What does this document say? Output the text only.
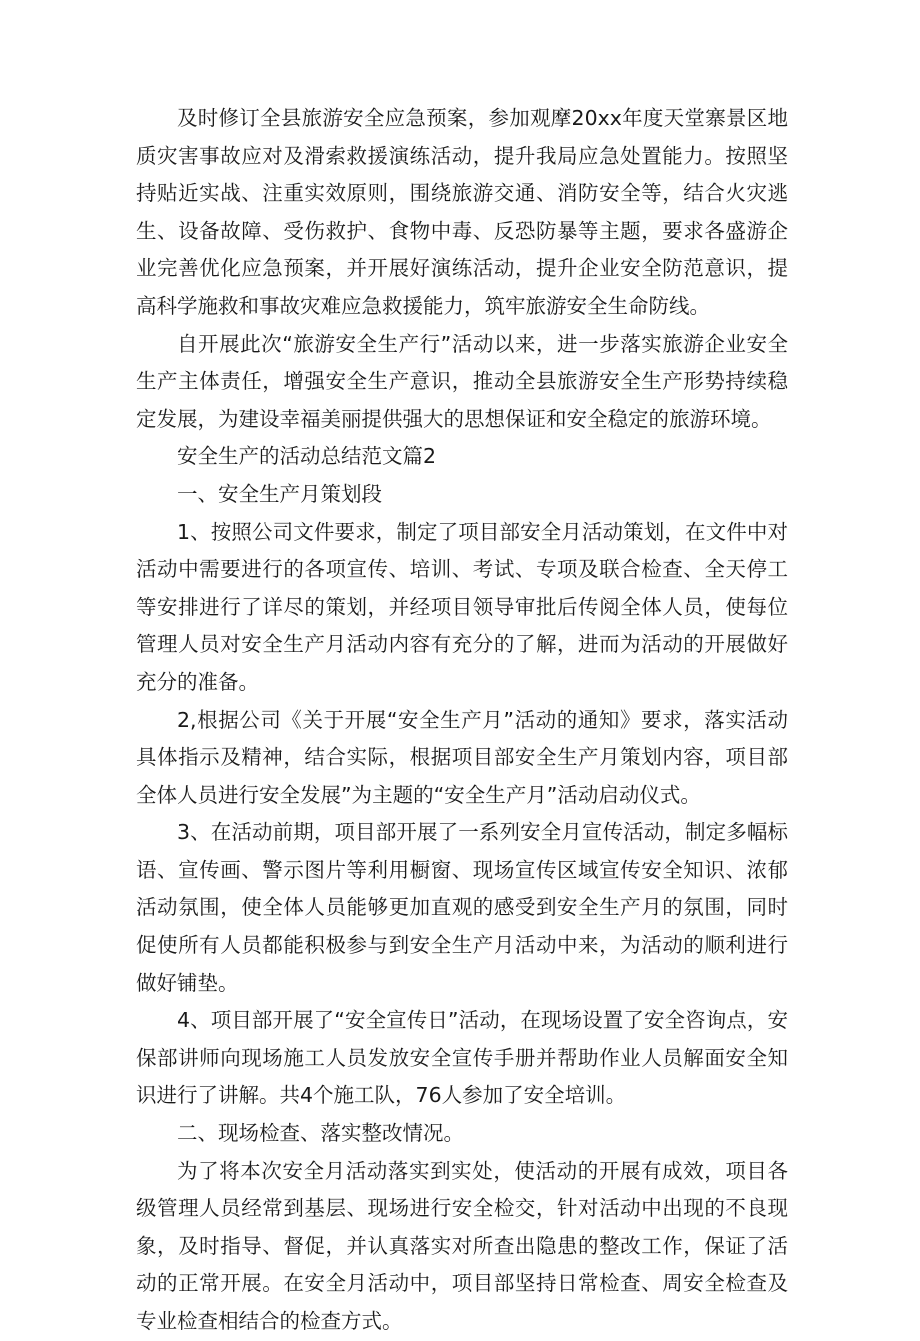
及时修订全县旅游安全应急预案，参加观摩20xx年度天堂寨景区地质灾害事故应对及滑索救援演练活动，提升我局应急处置能力。按照坚持贴近实战、注重实效原则，围绕旅游交通、消防安全等，结合火灾逃生、设备故障、受伤救护、食物中毒、反恐防暴等主题，要求各盛游企业完善优化应急预案，并开展好演练活动，提升企业安全防范意识，提高科学施救和事故灾难应急救援能力，筑牢旅游安全生命防线。

自开展此次“旅游安全生产行”活动以来，进一步落实旅游企业安全生产主体责任，增强安全生产意识，推动全县旅游安全生产形势持续稳定发展，为建设幸福美丽提供强大的思想保证和安全稳定的旅游环境。

安全生产的活动总结范文篇2

一、安全生产月策划段

1、按照公司文件要求，制定了项目部安全月活动策划，在文件中对活动中需要进行的各项宣传、培训、考试、专项及联合检查、全天停工等安排进行了详尽的策划，并经项目领导审批后传阅全体人员，使每位管理人员对安全生产月活动内容有充分的了解，进而为活动的开展做好充分的准备。

2,根据公司《关于开展“安全生产月”活动的通知》要求，落实活动具体指示及精神，结合实际，根据项目部安全生产月策划内容，项目部全体人员进行安全发展”为主题的“安全生产月”活动启动仪式。

3、在活动前期，项目部开展了一系列安全月宣传活动，制定多幅标语、宣传画、警示图片等利用橱窗、现场宣传区域宣传安全知识、浓郁活动氛围，使全体人员能够更加直观的感受到安全生产月的氛围，同时促使所有人员都能积极参与到安全生产月活动中来，为活动的顺利进行做好铺垫。

4、项目部开展了“安全宣传日”活动，在现场设置了安全咨询点，安保部讲师向现场施工人员发放安全宣传手册并帮助作业人员解面安全知识进行了讲解。共4个施工队，76人参加了安全培训。

二、现场检查、落实整改情况。

为了将本次安全月活动落实到实处，使活动的开展有成效，项目各级管理人员经常到基层、现场进行安全检交，针对活动中出现的不良现象，及时指导、督促，并认真落实对所查出隐患的整改工作，保证了活动的正常开展。在安全月活动中，项目部坚持日常检查、周安全检查及专业检查相结合的检查方式。
